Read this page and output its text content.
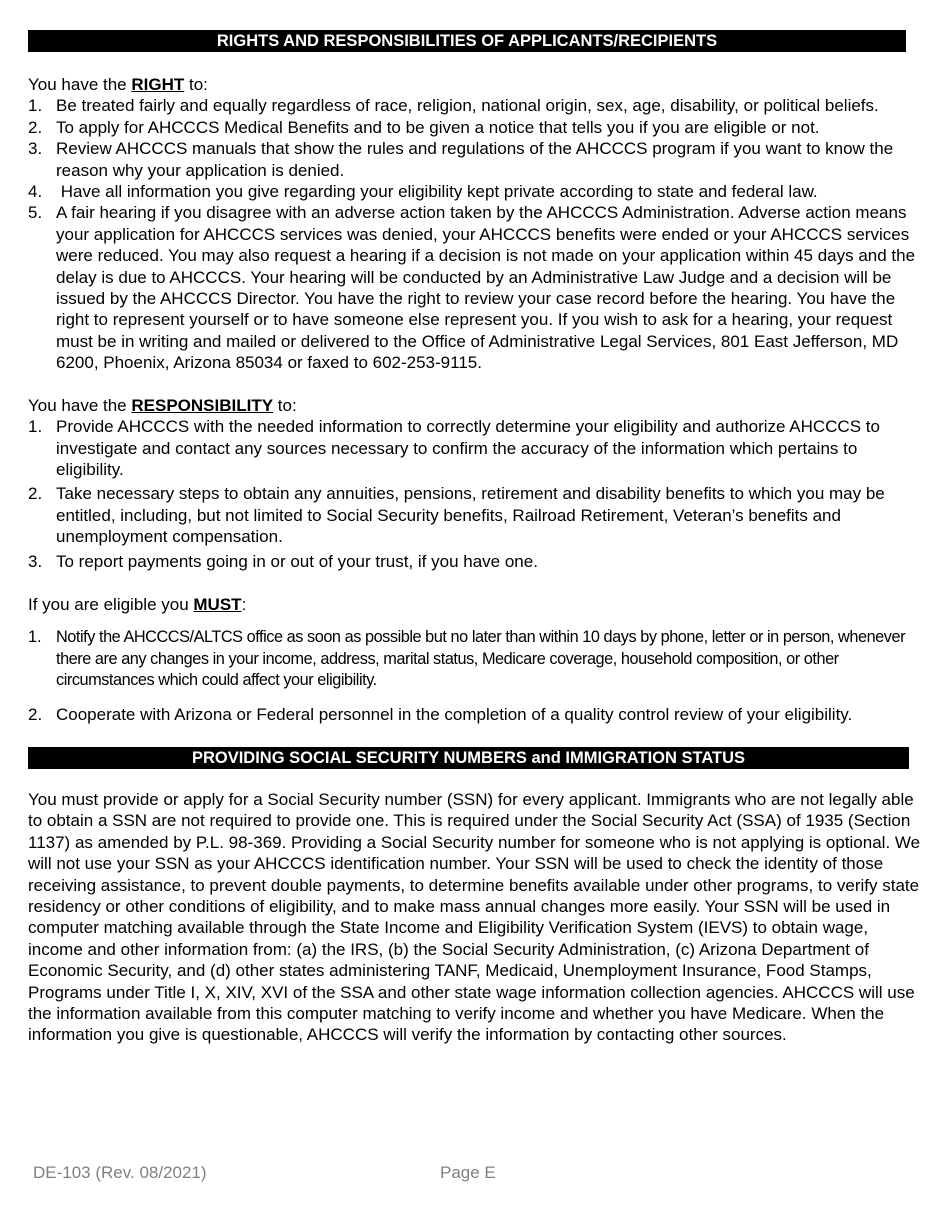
RIGHTS AND RESPONSIBILITIES OF APPLICANTS/RECIPIENTS

You have the RIGHT to:

1. Be treated fairly and equally regardless of race, religion, national origin, sex, age, disability, or political beliefs.
2. To apply for AHCCCS Medical Benefits and to be given a notice that tells you if you are eligible or not.
3. Review AHCCCS manuals that show the rules and regulations of the AHCCCS program if you want to know the reason why your application is denied.
4. Have all information you give regarding your eligibility kept private according to state and federal law.
5. A fair hearing if you disagree with an adverse action taken by the AHCCCS Administration. Adverse action means your application for AHCCCS services was denied, your AHCCCS benefits were ended or your AHCCCS services were reduced. You may also request a hearing if a decision is not made on your application within 45 days and the delay is due to AHCCCS. Your hearing will be conducted by an Administrative Law Judge and a decision will be issued by the AHCCCS Director. You have the right to review your case record before the hearing. You have the right to represent yourself or to have someone else represent you. If you wish to ask for a hearing, your request must be in writing and mailed or delivered to the Office of Administrative Legal Services, 801 East Jefferson, MD 6200, Phoenix, Arizona 85034 or faxed to 602-253-9115.

You have the RESPONSIBILITY to:

1. Provide AHCCCS with the needed information to correctly determine your eligibility and authorize AHCCCS to investigate and contact any sources necessary to confirm the accuracy of the information which pertains to eligibility.
2. Take necessary steps to obtain any annuities, pensions, retirement and disability benefits to which you may be entitled, including, but not limited to Social Security benefits, Railroad Retirement, Veteran’s benefits and unemployment compensation.
3. To report payments going in or out of your trust, if you have one.

If you are eligible you MUST:

1. Notify the AHCCCS/ALTCS office as soon as possible but no later than within 10 days by phone, letter or in person, whenever there are any changes in your income, address, marital status, Medicare coverage, household composition, or other circumstances which could affect your eligibility.
2. Cooperate with Arizona or Federal personnel in the completion of a quality control review of your eligibility.
PROVIDING SOCIAL SECURITY NUMBERS and IMMIGRATION STATUS

You must provide or apply for a Social Security number (SSN) for every applicant. Immigrants who are not legally able to obtain a SSN are not required to provide one. This is required under the Social Security Act (SSA) of 1935 (Section 1137) as amended by P.L. 98-369. Providing a Social Security number for someone who is not applying is optional. We will not use your SSN as your AHCCCS identification number. Your SSN will be used to check the identity of those receiving assistance, to prevent double payments, to determine benefits available under other programs, to verify state residency or other conditions of eligibility, and to make mass annual changes more easily. Your SSN will be used in computer matching available through the State Income and Eligibility Verification System (IEVS) to obtain wage, income and other information from: (a) the IRS, (b) the Social Security Administration, (c) Arizona Department of Economic Security, and (d) other states administering TANF, Medicaid, Unemployment Insurance, Food Stamps, Programs under Title I, X, XIV, XVI of the SSA and other state wage information collection agencies. AHCCCS will use the information available from this computer matching to verify income and whether you have Medicare. When the information you give is questionable, AHCCCS will verify the information by contacting other sources.

DE-103 (Rev. 08/2021)	Page E
